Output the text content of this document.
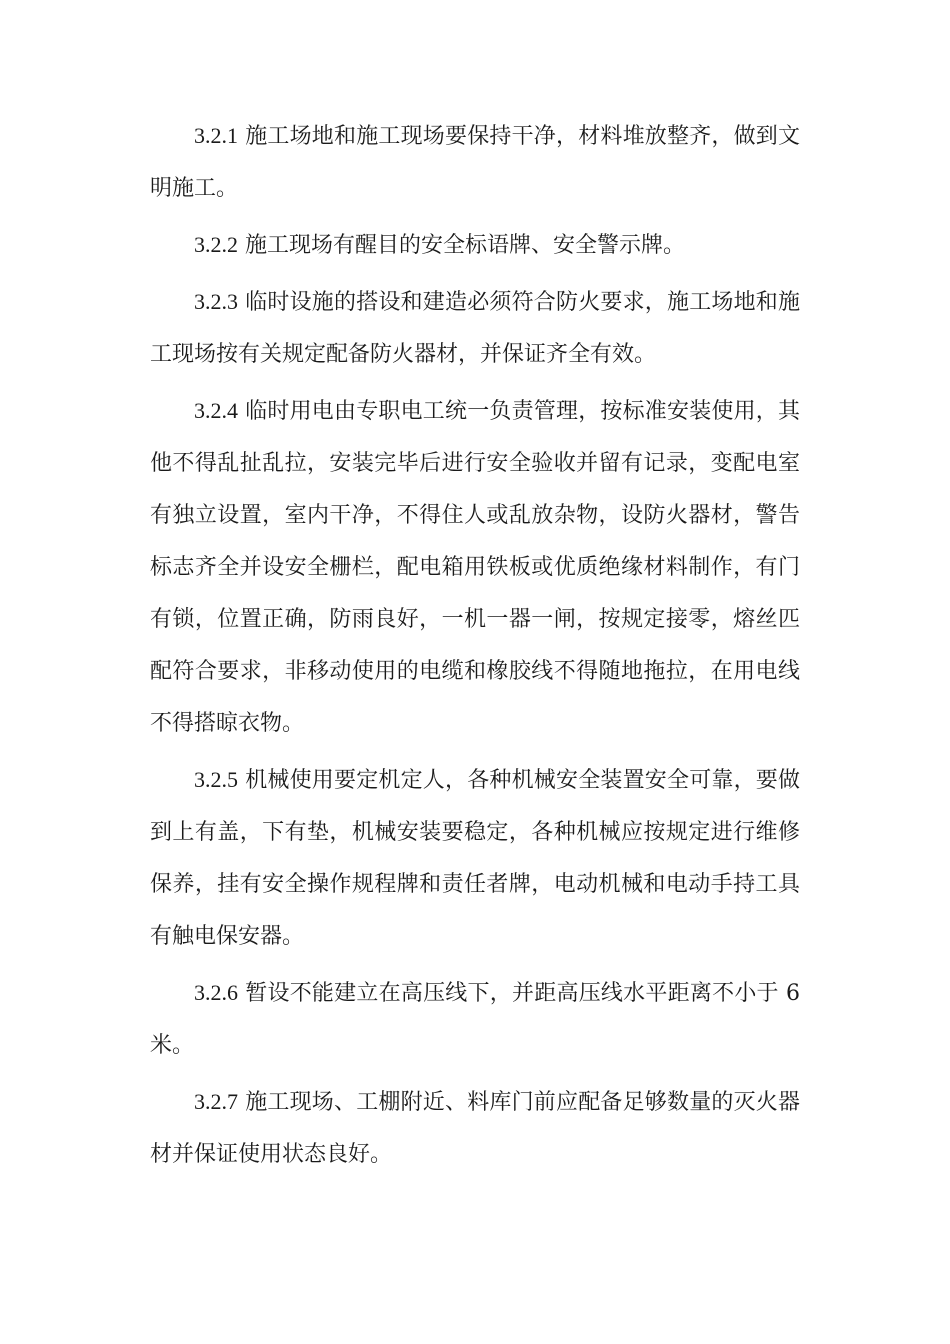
3.2.1 施工场地和施工现场要保持干净，材料堆放整齐，做到文明施工。

3.2.2 施工现场有醒目的安全标语牌、安全警示牌。

3.2.3 临时设施的搭设和建造必须符合防火要求，施工场地和施工现场按有关规定配备防火器材，并保证齐全有效。

3.2.4 临时用电由专职电工统一负责管理，按标准安装使用，其他不得乱扯乱拉，安装完毕后进行安全验收并留有记录，变配电室有独立设置，室内干净，不得住人或乱放杂物，设防火器材，警告标志齐全并设安全栅栏，配电箱用铁板或优质绝缘材料制作，有门有锁，位置正确，防雨良好，一机一器一闸，按规定接零，熔丝匹配符合要求，非移动使用的电缆和橡胶线不得随地拖拉，在用电线不得搭晾衣物。

3.2.5 机械使用要定机定人，各种机械安全装置安全可靠，要做到上有盖，下有垫，机械安装要稳定，各种机械应按规定进行维修保养，挂有安全操作规程牌和责任者牌，电动机械和电动手持工具有触电保安器。

3.2.6 暂设不能建立在高压线下，并距高压线水平距离不小于 6 米。

3.2.7 施工现场、工棚附近、料库门前应配备足够数量的灭火器材并保证使用状态良好。
